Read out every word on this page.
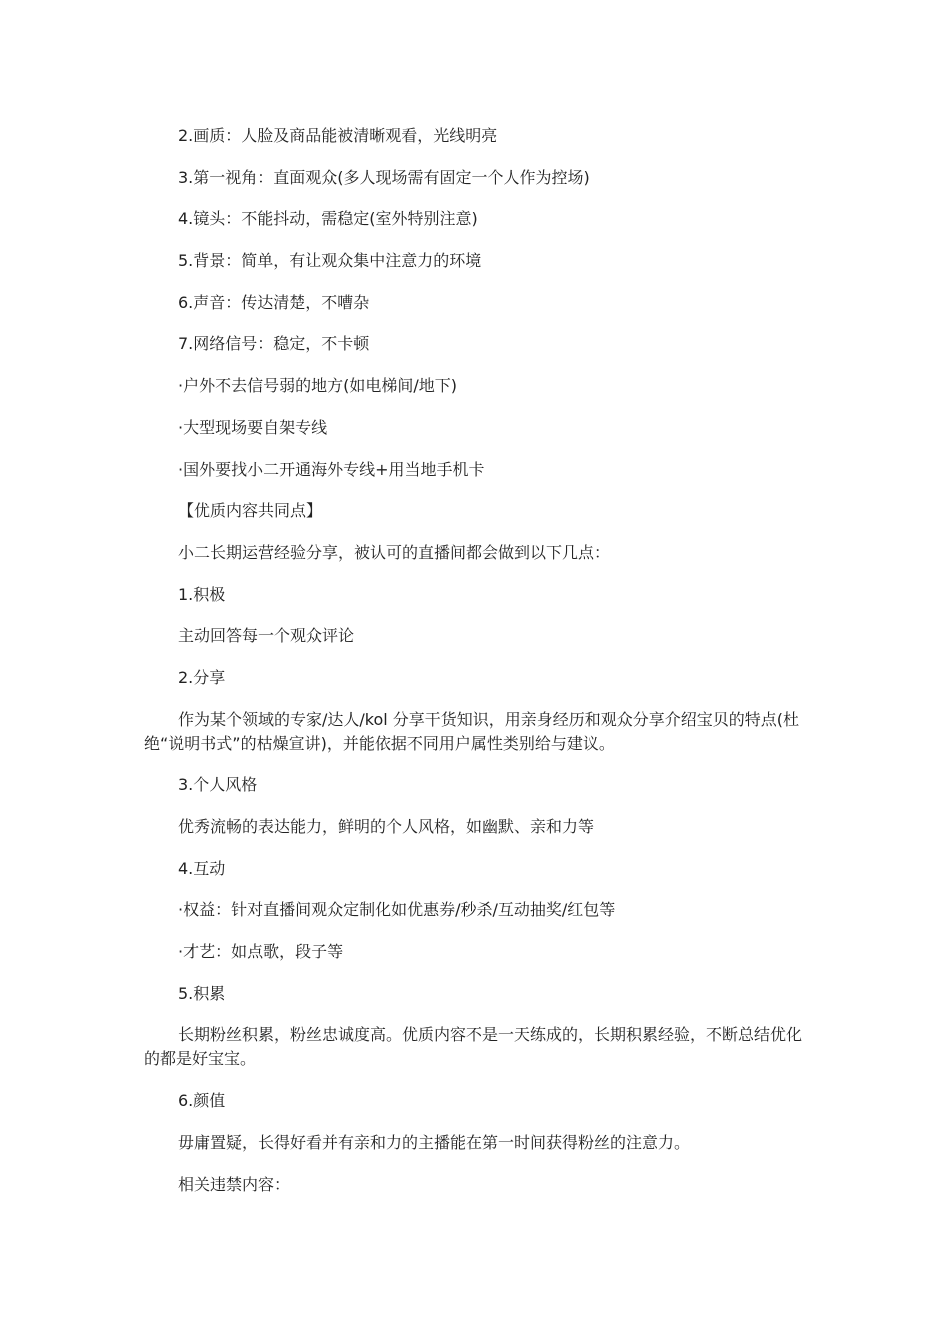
2.画质：人脸及商品能被清晰观看，光线明亮

3.第一视角：直面观众(多人现场需有固定一个人作为控场)

4.镜头：不能抖动，需稳定(室外特别注意)

5.背景：简单，有让观众集中注意力的环境

6.声音：传达清楚，不嘈杂

7.网络信号：稳定，不卡顿

·户外不去信号弱的地方(如电梯间/地下)

·大型现场要自架专线

·国外要找小二开通海外专线+用当地手机卡

【优质内容共同点】

小二长期运营经验分享，被认可的直播间都会做到以下几点：

1.积极

主动回答每一个观众评论

2.分享

作为某个领域的专家/达人/kol 分享干货知识，用亲身经历和观众分享介绍宝贝的特点(杜绝“说明书式”的枯燥宣讲)，并能依据不同用户属性类别给与建议。

3.个人风格

优秀流畅的表达能力，鲜明的个人风格，如幽默、亲和力等

4.互动

·权益：针对直播间观众定制化如优惠券/秒杀/互动抽奖/红包等

·才艺：如点歌，段子等

5.积累

长期粉丝积累，粉丝忠诚度高。优质内容不是一天练成的，长期积累经验，不断总结优化的都是好宝宝。

6.颜值

毋庸置疑，长得好看并有亲和力的主播能在第一时间获得粉丝的注意力。

相关违禁内容：
